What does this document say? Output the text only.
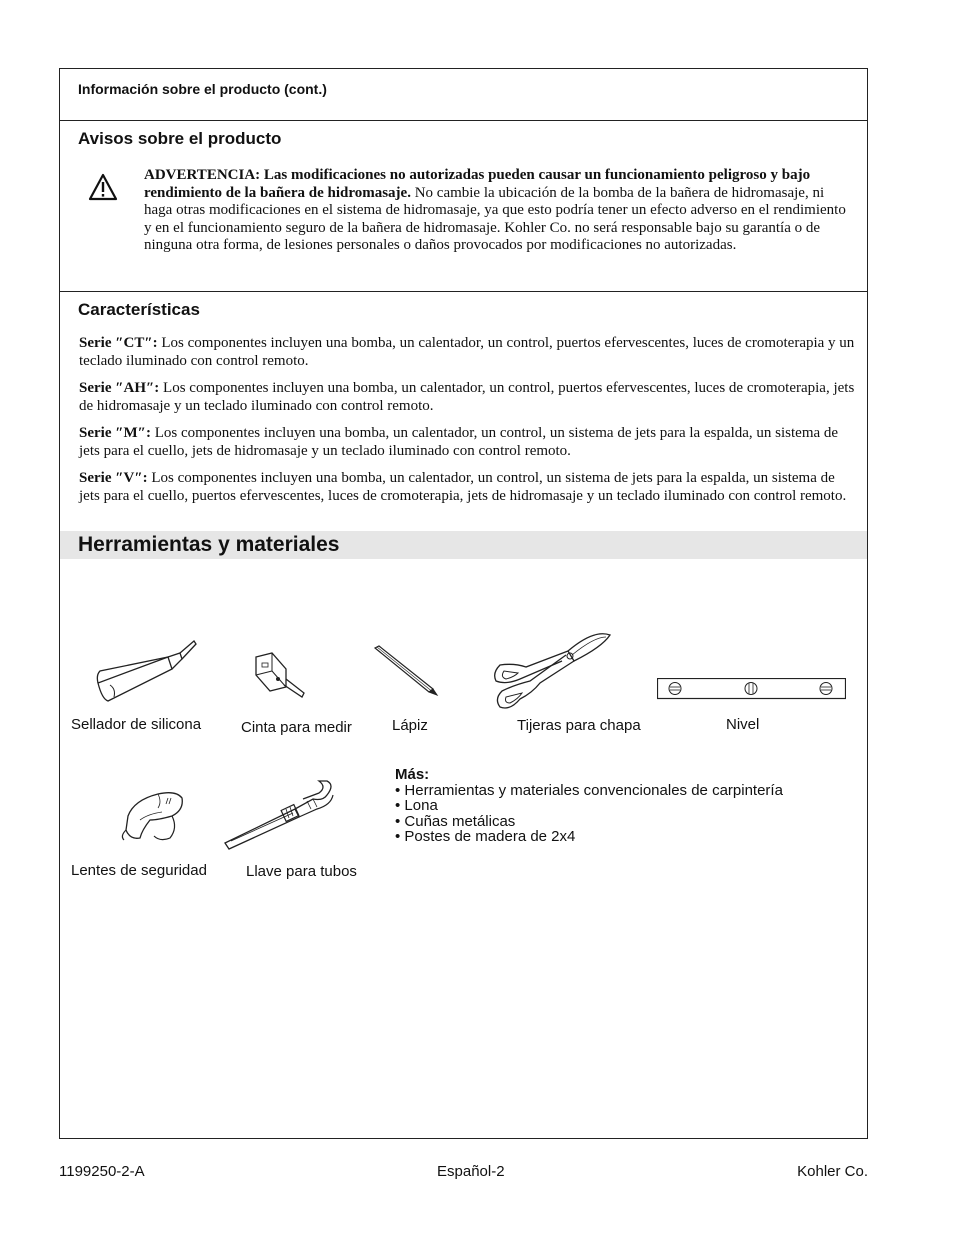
Información sobre el producto (cont.)
Avisos sobre el producto

ADVERTENCIA: Las modificaciones no autorizadas pueden causar un funcionamiento peligroso y bajo rendimiento de la bañera de hidromasaje. No cambie la ubicación de la bomba de la bañera de hidromasaje, ni haga otras modificaciones en el sistema de hidromasaje, ya que esto podría tener un efecto adverso en el rendimiento y en el funcionamiento seguro de la bañera de hidromasaje. Kohler Co. no será responsable bajo su garantía o de ninguna otra forma, de lesiones personales o daños provocados por modificaciones no autorizadas.

Características

Serie ″CT″: Los componentes incluyen una bomba, un calentador, un control, puertos efervescentes, luces de cromoterapia y un teclado iluminado con control remoto.

Serie ″AH″: Los componentes incluyen una bomba, un calentador, un control, puertos efervescentes, luces de cromoterapia, jets de hidromasaje y un teclado iluminado con control remoto.

Serie ″M″: Los componentes incluyen una bomba, un calentador, un control, un sistema de jets para la espalda, un sistema de jets para el cuello, jets de hidromasaje y un teclado iluminado con control remoto.

Serie ″V″: Los componentes incluyen una bomba, un calentador, un control, un sistema de jets para la espalda, un sistema de jets para el cuello, puertos efervescentes, luces de cromoterapia, jets de hidromasaje y un teclado iluminado con control remoto.

Herramientas y materiales
Sellador de silicona	Cinta para medir	Lápiz	Tijeras para chapa	Nivel
Lentes de seguridad	Llave para tubos
Más:
• Herramientas y materiales convencionales de carpintería
• Lona
• Cuñas metálicas
• Postes de madera de 2x4
1199250-2-A	Español-2	Kohler Co.
